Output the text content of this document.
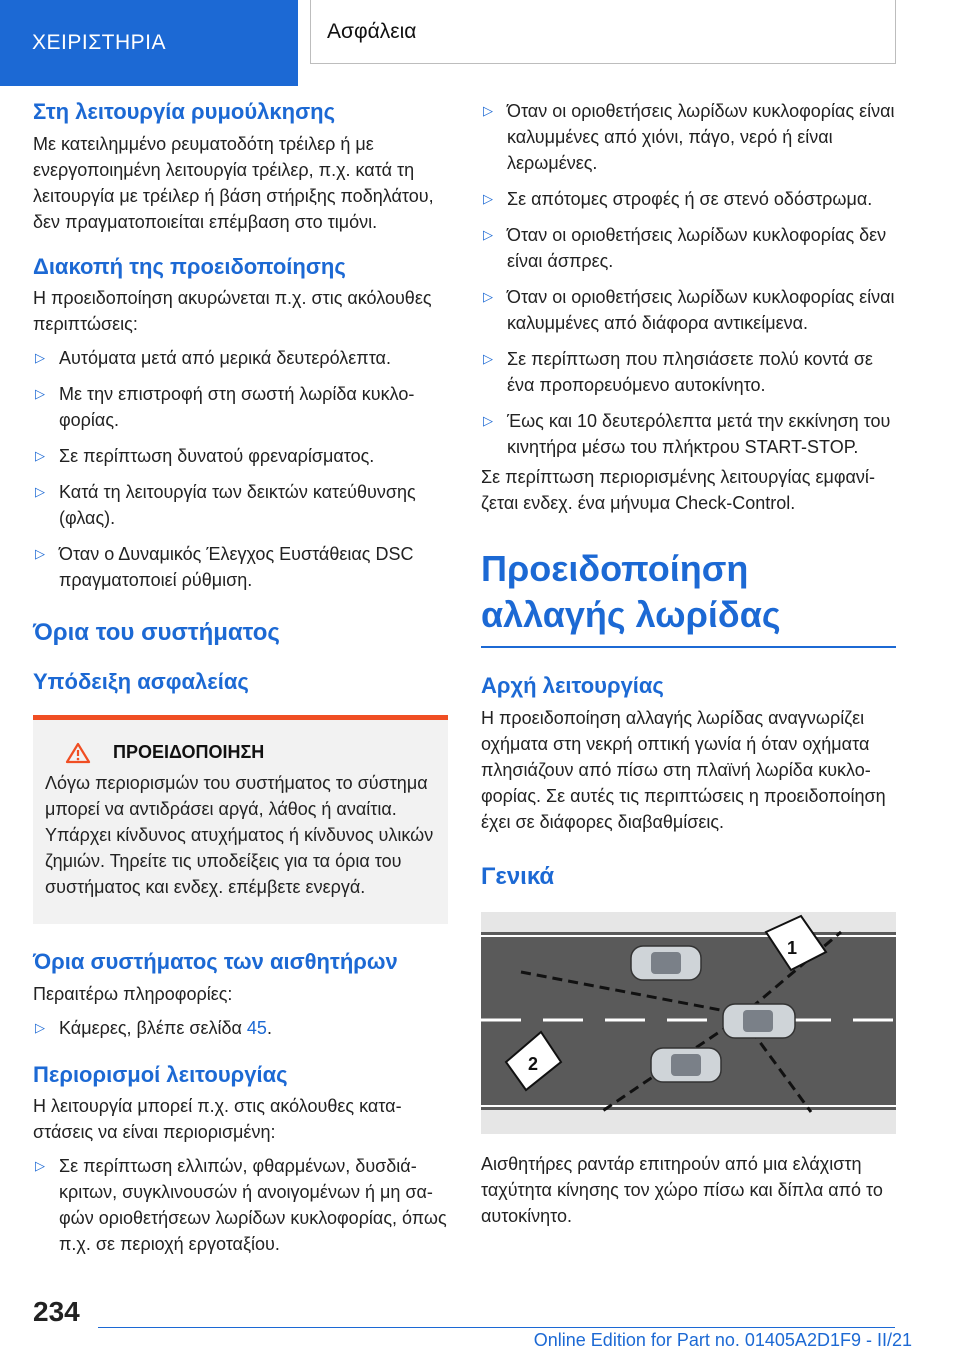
ΧΕΙΡΙΣΤΗΡΙΑ	Ασφάλεια
Στη λειτουργία ρυμούλκησης

Με κατειλημμένο ρευματοδότη τρέιλερ ή με ενεργοποιημένη λειτουργία τρέιλερ, π.χ. κατά τη λειτουργία με τρέιλερ ή βάση στήριξης ποδηλάτου, δεν πραγματοποιείται επέμβαση στο τιμόνι.

Διακοπή της προειδοποίησης

Η προειδοποίηση ακυρώνεται π.χ. στις ακόλουθες περιπτώσεις:

▷ Αυτόματα μετά από μερικά δευτερόλεπτα.
▷ Με την επιστροφή στη σωστή λωρίδα κυκλοφορίας.
▷ Σε περίπτωση δυνατού φρεναρίσματος.
▷ Κατά τη λειτουργία των δεικτών κατεύθυνσης (φλας).
▷ Όταν ο Δυναμικός Έλεγχος Ευστάθειας DSC πραγματοποιεί ρύθμιση.
Όρια του συστήματος
Υπόδειξη ασφαλείας
ΠΡΟΕΙΔΟΠΟΙΗΣΗ

Λόγω περιορισμών του συστήματος το σύστημα μπορεί να αντιδράσει αργά, λάθος ή αναίτια. Υπάρχει κίνδυνος ατυχήματος ή κίνδυνος υλικών ζημιών. Τηρείτε τις υποδείξεις για τα όρια του συστήματος και ενδεχ. επέμβετε ενεργά.

Όρια συστήματος των αισθητήρων

Περαιτέρω πληροφορίες:

▷ Κάμερες, βλέπε σελίδα 45.
Περιορισμοί λειτουργίας

Η λειτουργία μπορεί π.χ. στις ακόλουθες καταστάσεις να είναι περιορισμένη:

▷ Σε περίπτωση ελλιπών, φθαρμένων, δυσδιάκριτων, συγκλινουσών ή ανοιγομένων ή μη σαφών οριοθετήσεων λωρίδων κυκλοφορίας, όπως π.χ. σε περιοχή εργοταξίου.
▷ Όταν οι οριοθετήσεις λωρίδων κυκλοφορίας είναι καλυμμένες από χιόνι, πάγο, νερό ή είναι λερωμένες.
▷ Σε απότομες στροφές ή σε στενό οδόστρωμα.
▷ Όταν οι οριοθετήσεις λωρίδων κυκλοφορίας δεν είναι άσπρες.
▷ Όταν οι οριοθετήσεις λωρίδων κυκλοφορίας είναι καλυμμένες από διάφορα αντικείμενα.
▷ Σε περίπτωση που πλησιάσετε πολύ κοντά σε ένα προπορευόμενο αυτοκίνητο.
▷ Έως και 10 δευτερόλεπτα μετά την εκκίνηση του κινητήρα μέσω του πλήκτρου START-STOP.

Σε περίπτωση περιορισμένης λειτουργίας εμφανίζεται ενδεχ. ένα μήνυμα Check-Control.

Προειδοποίηση αλλαγής λωρίδας
Αρχή λειτουργίας

Η προειδοποίηση αλλαγής λωρίδας αναγνωρίζει οχήματα στη νεκρή οπτική γωνία ή όταν οχήματα πλησιάζουν από πίσω στη πλαϊνή λωρίδα κυκλοφορίας. Σε αυτές τις περιπτώσεις η προειδοποίηση έχει σε διάφορες διαβαθμίσεις.

Γενικά
1
2

Αισθητήρες ραντάρ επιτηρούν από μια ελάχιστη ταχύτητα κίνησης τον χώρο πίσω και δίπλα από το αυτοκίνητο.

234
Online Edition for Part no. 01405A2D1F9 - II/21
